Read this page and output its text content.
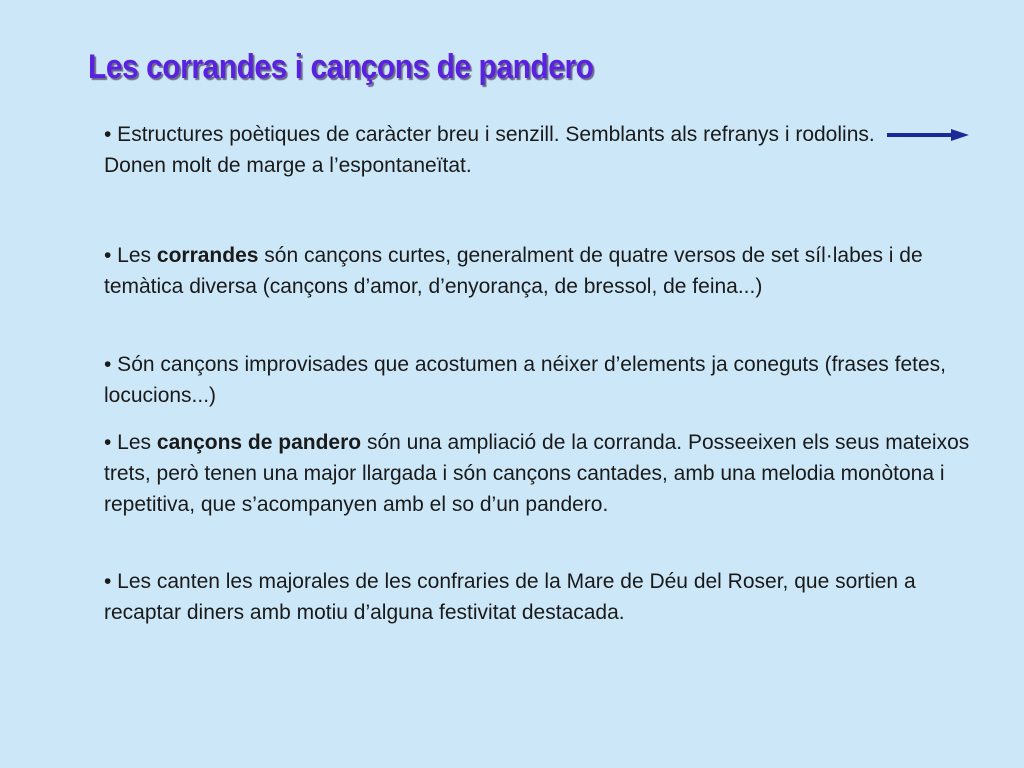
Les corrandes i cançons de pandero

• Estructures poètiques de caràcter breu i senzill. Semblants als refranys i rodolins.Donen molt de marge a l’espontaneïtat.

• Les corrandes són cançons curtes, generalment de quatre versos de set síl·labes i de temàtica diversa (cançons d’amor, d’enyorança, de bressol, de feina...)

• Són cançons improvisades que acostumen a néixer d’elements ja coneguts (frases fetes, locucions...)

• Les cançons de pandero són una ampliació de la corranda. Posseeixen els seus mateixos trets, però tenen una major llargada i són cançons cantades, amb una melodia monòtona i repetitiva, que s’acompanyen amb el so d’un pandero.

• Les canten les majorales de les confraries de la Mare de Déu del Roser, que sortien a recaptar diners amb motiu d’alguna festivitat destacada.
